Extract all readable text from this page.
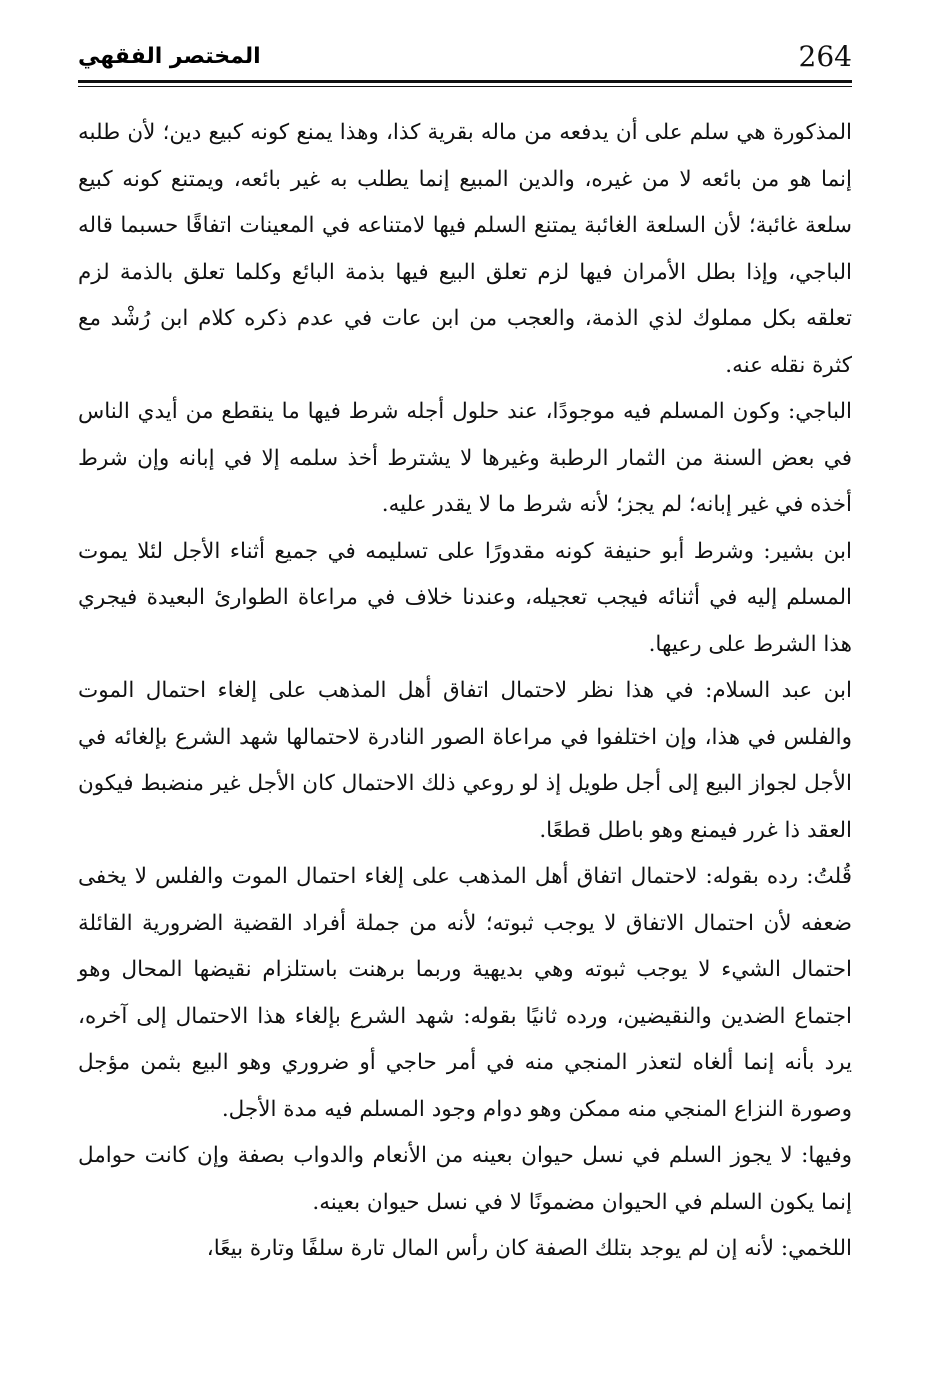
264
المختصر الفقهي

المذكورة هي سلم على أن يدفعه من ماله بقرية كذا، وهذا يمنع كونه كبيع دين؛ لأن طلبه إنما هو من بائعه لا من غيره، والدين المبيع إنما يطلب به غير بائعه، ويمتنع كونه كبيع سلعة غائبة؛ لأن السلعة الغائبة يمتنع السلم فيها لامتناعه في المعينات اتفاقًا حسبما قاله الباجي، وإذا بطل الأمران فيها لزم تعلق البيع فيها بذمة البائع وكلما تعلق بالذمة لزم تعلقه بكل مملوك لذي الذمة، والعجب من ابن عات في عدم ذكره كلام ابن رُشْد مع كثرة نقله عنه.

الباجي: وكون المسلم فيه موجودًا، عند حلول أجله شرط فيها ما ينقطع من أيدي الناس في بعض السنة من الثمار الرطبة وغيرها لا يشترط أخذ سلمه إلا في إبانه وإن شرط أخذه في غير إبانه؛ لم يجز؛ لأنه شرط ما لا يقدر عليه.

ابن بشير: وشرط أبو حنيفة كونه مقدورًا على تسليمه في جميع أثناء الأجل لئلا يموت المسلم إليه في أثنائه فيجب تعجيله، وعندنا خلاف في مراعاة الطوارئ البعيدة فيجري هذا الشرط على رعيها.

ابن عبد السلام: في هذا نظر لاحتمال اتفاق أهل المذهب على إلغاء احتمال الموت والفلس في هذا، وإن اختلفوا في مراعاة الصور النادرة لاحتمالها شهد الشرع بإلغائه في الأجل لجواز البيع إلى أجل طويل إذ لو روعي ذلك الاحتمال كان الأجل غير منضبط فيكون العقد ذا غرر فيمنع وهو باطل قطعًا.

قُلتُ: رده بقوله: لاحتمال اتفاق أهل المذهب على إلغاء احتمال الموت والفلس لا يخفى ضعفه لأن احتمال الاتفاق لا يوجب ثبوته؛ لأنه من جملة أفراد القضية الضرورية القائلة احتمال الشيء لا يوجب ثبوته وهي بديهية وربما برهنت باستلزام نقيضها المحال وهو اجتماع الضدين والنقيضين، ورده ثانيًا بقوله: شهد الشرع بإلغاء هذا الاحتمال إلى آخره، يرد بأنه إنما ألغاه لتعذر المنجي منه في أمر حاجي أو ضروري وهو البيع بثمن مؤجل وصورة النزاع المنجي منه ممكن وهو دوام وجود المسلم فيه مدة الأجل.

وفيها: لا يجوز السلم في نسل حيوان بعينه من الأنعام والدواب بصفة وإن كانت حوامل إنما يكون السلم في الحيوان مضمونًا لا في نسل حيوان بعينه.

اللخمي: لأنه إن لم يوجد بتلك الصفة كان رأس المال تارة سلفًا وتارة بيعًا،
